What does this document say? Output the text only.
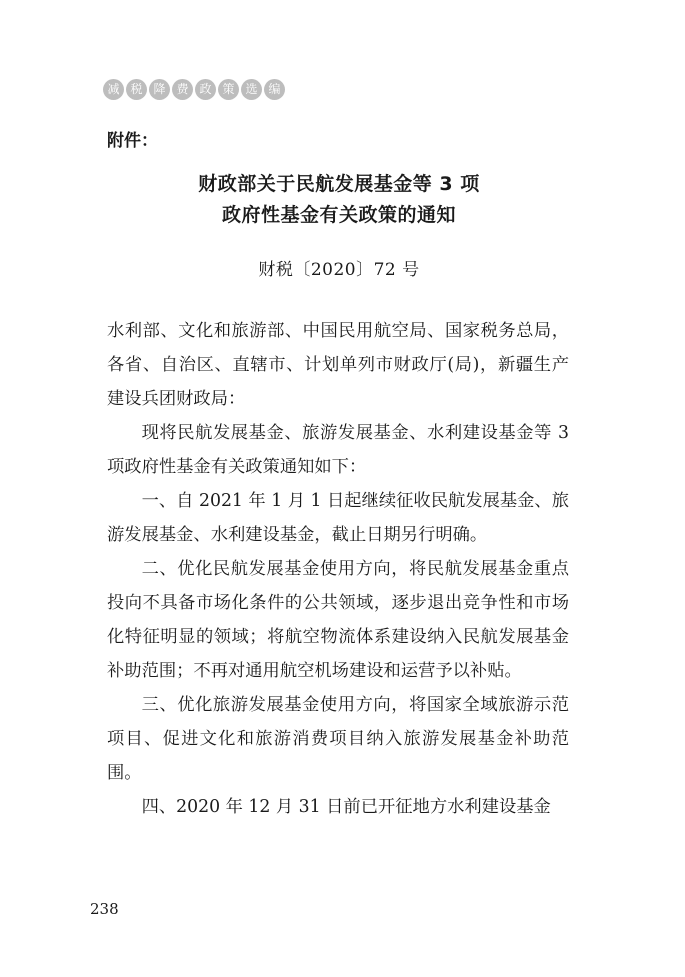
减 税 降 费 政 策 选 编
附件：
财政部关于民航发展基金等 3 项
政府性基金有关政策的通知
财税〔2020〕72 号

水利部、文化和旅游部、中国民用航空局、国家税务总局，各省、自治区、直辖市、计划单列市财政厅(局)，新疆生产建设兵团财政局：

现将民航发展基金、旅游发展基金、水利建设基金等 3 项政府性基金有关政策通知如下：

一、自 2021 年 1 月 1 日起继续征收民航发展基金、旅游发展基金、水利建设基金，截止日期另行明确。

二、优化民航发展基金使用方向，将民航发展基金重点投向不具备市场化条件的公共领域，逐步退出竞争性和市场化特征明显的领域；将航空物流体系建设纳入民航发展基金补助范围；不再对通用航空机场建设和运营予以补贴。

三、优化旅游发展基金使用方向，将国家全域旅游示范项目、促进文化和旅游消费项目纳入旅游发展基金补助范围。

四、2020 年 12 月 31 日前已开征地方水利建设基金

238
